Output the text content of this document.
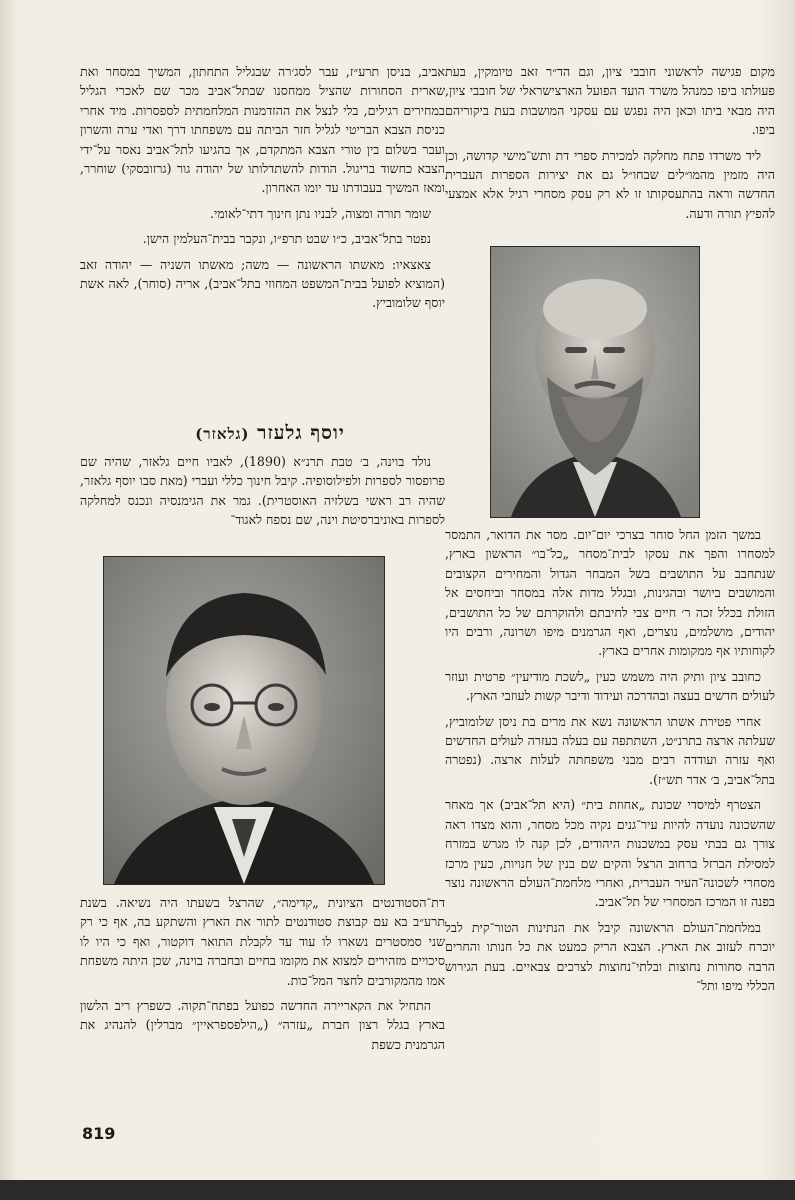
מקום פגישה לראשוני חובבי ציון, וגם הד״ר זאב טיומקין, בעת פעולתו ביפו כמנהל משרד הועד הפועל הארצישראלי של חובבי ציון, היה מבאי ביתו וכאן היה נפגש עם עסקני המושבות בעת ביקוריהם ביפו.

ליד משרדו פתח מחלקה למכירת ספרי דת ותש־מישי קדושה, וכן היה מזמין מהמו״לים שבחו״ל גם את יצירות הספרות העברית החדשה וראה בהתעסקותו זו לא רק עסק מסחרי רגיל אלא אמצעי להפיץ תורה ודעה.

במשך הזמן החל סוחר בצרכי יום־יום. מסר את הדואר, התמסר למסחרו והפך את עסקו לבית־מסחר „כל־בו״ הראשון בארץ, שנתחבב על התושבים בשל המבחר הגדול והמחירים הקצובים והמושבים ביושר ובהגינות, ובגלל מדות אלה במסחר וביחסים אל הזולת בכלל זכה ר׳ חיים צבי לחיבתם ולהוקרתם של כל התושבים, יהודים, מושלמים, נוצרים, ואף הגרמנים מיפו ושרונה, ורבים היו לקוחותיו אף ממקומות אחרים בארץ.

כחובב ציון ותיק היה משמש כעין „לשכת מודיעין״ פרטית ועוזר לעולים חדשים בעצה ובהדרכה ועידוד ודיבר קשות לעוזבי הארץ.

אחרי פטירת אשתו הראשונה נשא את מרים בת ניסן שלומוביץ, שעלתה ארצה בתרנ״ט, השתתפה עם בעלה בעזרה לעולים החדשים ואף עזרה ועודדה רבים מבני משפחתה לעלות ארצה. (נפטרה בתל־אביב, ב׳ אדר תש״ז).

הצטרף למיסדי שכונת „אחוזת בית״ (היא תל־אביב) אך מאחר שהשכונה נועדה להיות עיר־גנים נקיה מכל מסחר, והוא מצדו ראה צורך גם בבתי עסק במשכנות היהודים, לכן קנה לו מגרש במזרח למסילת הברזל ברחוב הרצל והקים שם בנין של חנויות, כעין מרכז מסחרי לשכונה־העיר העברית, ואחרי מלחמת־העולם הראשונה נוצר בפנה זו המרכז המסחרי של תל־אביב.

במלחמת־העולם הראשונה קיבל את הנתינות הטור־קית לבל יוכרח לעזוב את הארץ. הצבא הריק כמעט את כל חנותו והחרים הרבה סחורות נחוצות ובלתי־נחוצות לצרכים צבאיים. בעת הגירוש הכללי מיפו ותל־

אביב, בניסן תרע״ז, עבר לסג׳רה שבגליל התחתון, המשיך במסחר ואת שארית הסחורות שהציל ממחסנו שבתל־אביב מכר שם לאכרי הגליל במחירים רגילים, בלי לנצל את ההזדמנות המלחמתית לספסרות. מיד אחרי כניסת הצבא הבריטי לגליל חזר הביתה עם משפחתו דרך ואדי ערה והשרון ועבר בשלום בין טורי הצבא המתקדם, אך בהגיעו לתל־אביב נאסר על־ידי הצבא כחשוד בריגול. הודות להשתדלותו של יהודה גור (גרזובסקי) שוחרר, ומאז המשיך בעבודתו עד יומו האחרון.

שומר תורה ומצוה, לבניו נתן חינוך דתי־לאומי.

נפטר בתל־אביב, כ״ו שבט תרפ״ו, ונקבר בבית־העלמין הישן.

צאצאיו: מאשתו הראשונה — משה; מאשתו השניה — יהודה זאב (המוציא לפועל בבית־המשפט המחוזי בתל־אביב), אריה (סוחר), לאה אשת יוסף שלומוביץ.

יוסף גלעזר (גלאזר)

נולד בוינה, ב׳ טבת תרנ״א (1890), לאביו חיים גלאזר, שהיה שם פרופסור לספרות ולפילוסופיה. קיבל חינוך כללי ועברי (מאת סבו יוסף גלאזר, שהיה רב ראשי בשלזיה האוסטרית). גמר את הגימנסיה ונכנס למחלקה לספרות באוניברסיטת וינה, שם נספח לאגוד־

דת־הסטודנטים הציונית „קדימה״, שהרצל בשעתו היה נשיאה. בשנת תרע״ב בא עם קבוצת סטודנטים לתור את הארץ והשתקע בה, אף כי רק שני סמסטרים נשארו לו עוד עד לקבלת התואר דוקטור, ואף כי היו לו סיכויים מזהירים למצוא את מקומו בחיים ובחברה בוינה, שכן היתה משפחת אמו מהמקורבים לחצר המל־כות.

התחיל את הקאריירה החדשה כפועל בפתח־תקוה. כשפרץ ריב הלשון בארץ בגלל רצון חברת „עזרה״ („הילפספראיין״ מברלין) להנהיג את הגרמנית כשפת

819
